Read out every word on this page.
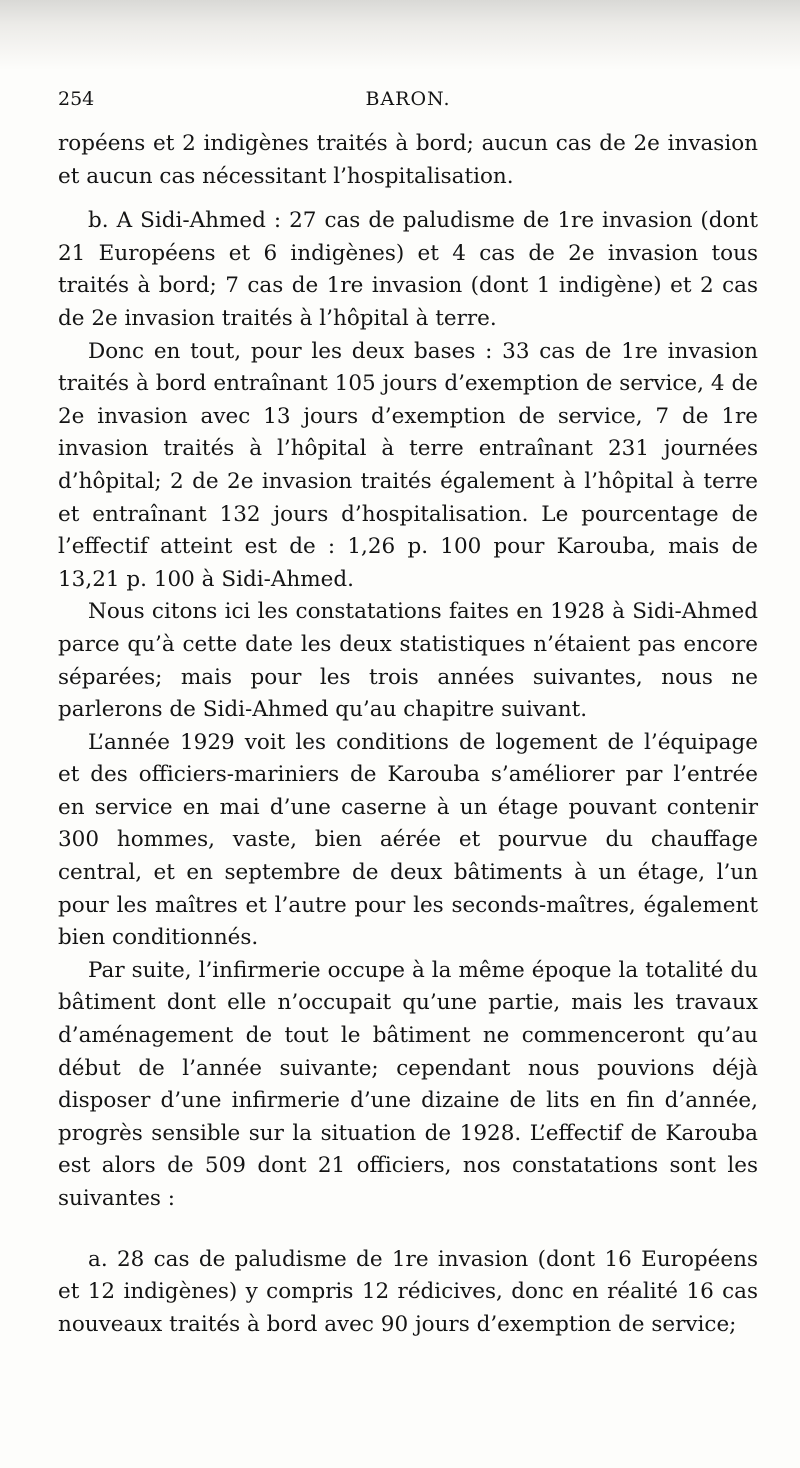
254	BARON.

ropéens et 2 indigènes traités à bord; aucun cas de 2e invasion et aucun cas nécessitant l’hospitalisation.

b. A Sidi-Ahmed : 27 cas de paludisme de 1re invasion (dont 21 Européens et 6 indigènes) et 4 cas de 2e invasion tous traités à bord; 7 cas de 1re invasion (dont 1 indigène) et 2 cas de 2e invasion traités à l’hôpital à terre.

Donc en tout, pour les deux bases : 33 cas de 1re invasion traités à bord entraînant 105 jours d’exemption de service, 4 de 2e invasion avec 13 jours d’exemption de service, 7 de 1re invasion traités à l’hôpital à terre entraînant 231 journées d’hôpital; 2 de 2e invasion traités également à l’hôpital à terre et entraînant 132 jours d’hospitalisation. Le pourcentage de l’effectif atteint est de : 1,26 p. 100 pour Karouba, mais de 13,21 p. 100 à Sidi-Ahmed.

Nous citons ici les constatations faites en 1928 à Sidi-Ahmed parce qu’à cette date les deux statistiques n’étaient pas encore séparées; mais pour les trois années suivantes, nous ne parlerons de Sidi-Ahmed qu’au chapitre suivant.

L’année 1929 voit les conditions de logement de l’équipage et des officiers-mariniers de Karouba s’améliorer par l’entrée en service en mai d’une caserne à un étage pouvant contenir 300 hommes, vaste, bien aérée et pourvue du chauffage central, et en septembre de deux bâtiments à un étage, l’un pour les maîtres et l’autre pour les seconds-maîtres, également bien conditionnés.

Par suite, l’infirmerie occupe à la même époque la totalité du bâtiment dont elle n’occupait qu’une partie, mais les travaux d’aménagement de tout le bâtiment ne commenceront qu’au début de l’année suivante; cependant nous pouvions déjà disposer d’une infirmerie d’une dizaine de lits en fin d’année, progrès sensible sur la situation de 1928. L’effectif de Karouba est alors de 509 dont 21 officiers, nos constatations sont les suivantes :

a. 28 cas de paludisme de 1re invasion (dont 16 Européens et 12 indigènes) y compris 12 rédicives, donc en réalité 16 cas nouveaux traités à bord avec 90 jours d’exemption de service;
